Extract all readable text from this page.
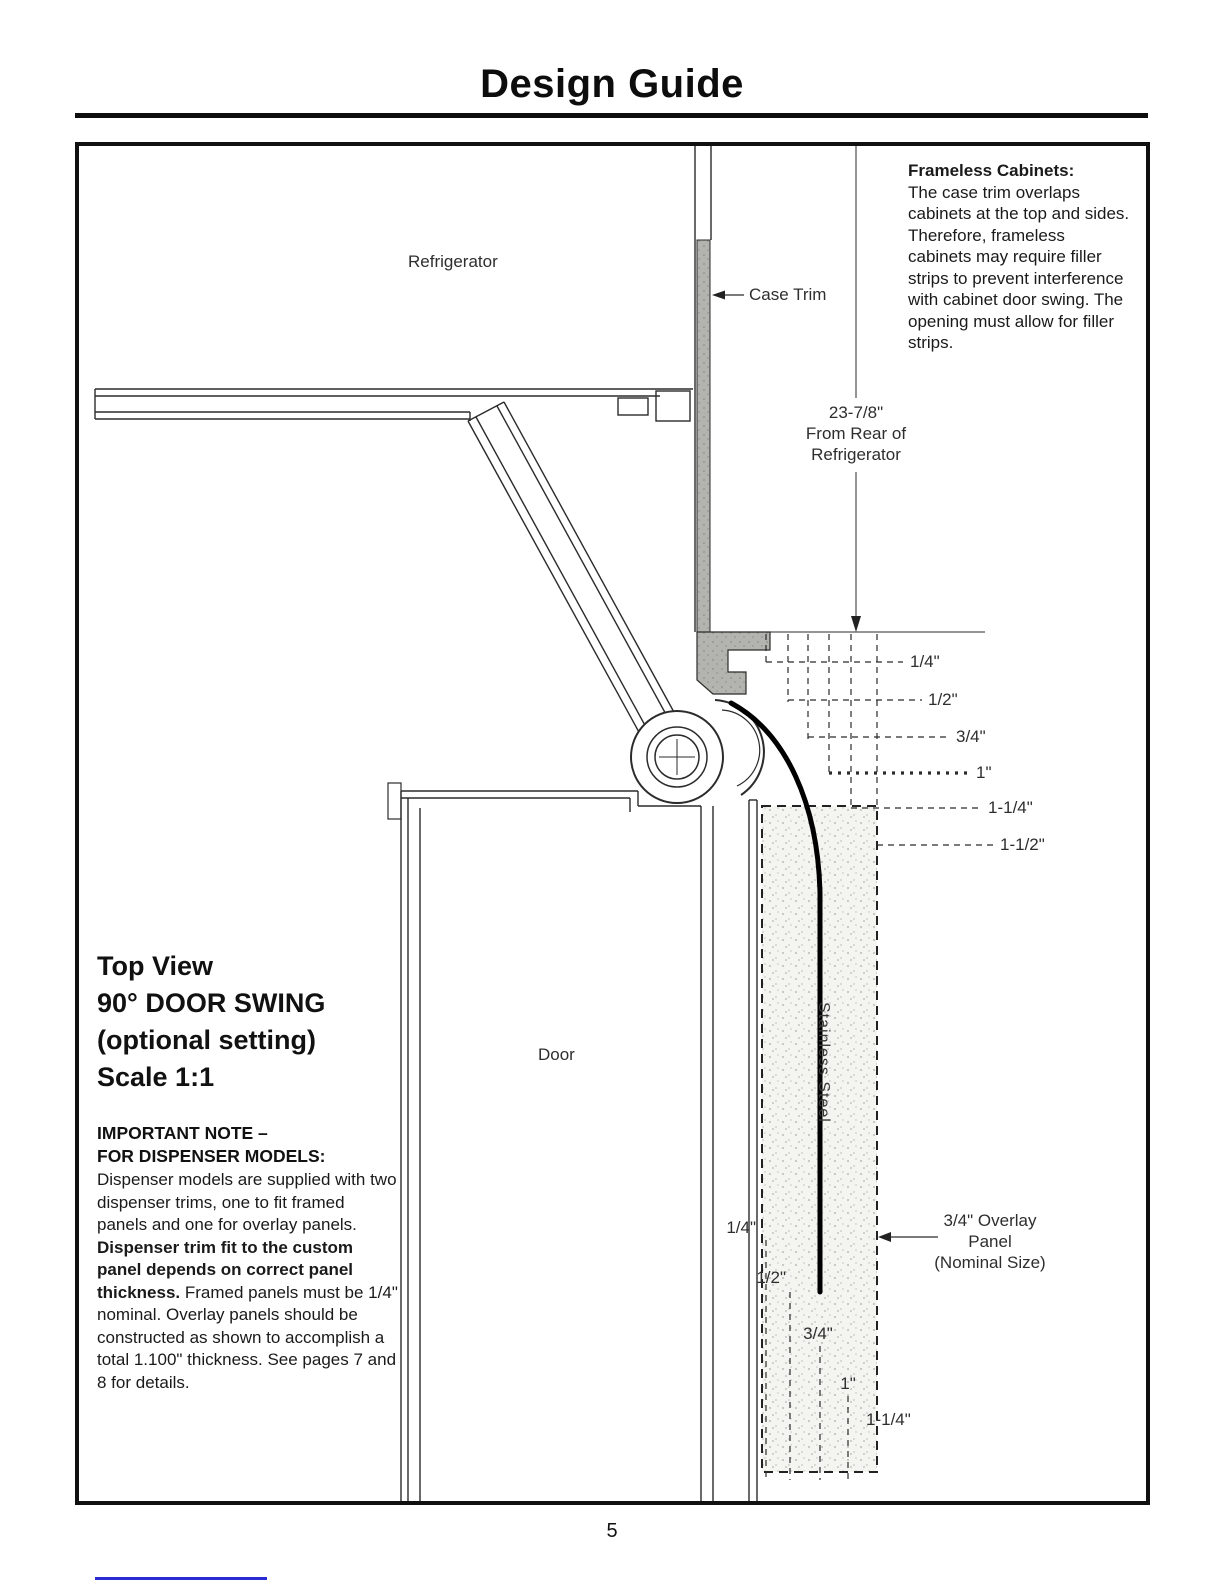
Design Guide
Refrigerator
Case Trim
Frameless Cabinets:
The case trim overlaps cabinets at the top and sides. Therefore, frameless cabinets may require filler strips to prevent interference with cabinet door swing. The opening must allow for filler strips.
23-7/8"
From Rear of
Refrigerator
1/4"
1/2"
3/4"
1"
1-1/4"
1-1/2"
Top View
90° DOOR SWING
(optional setting)
Scale 1:1
IMPORTANT NOTE –
FOR DISPENSER MODELS:

Dispenser models are supplied with two dispenser trims, one to fit framed panels and one for overlay panels. Dispenser trim fit to the custom panel depends on correct panel thickness. Framed panels must be 1/4" nominal. Overlay panels should be constructed as shown to accomplish a total 1.100" thickness. See pages 7 and 8 for details.

Door	Stainless Steel
3/4" Overlay
Panel
(Nominal Size)
1/4"
1/2"
3/4"
1"
1-1/4"
5
